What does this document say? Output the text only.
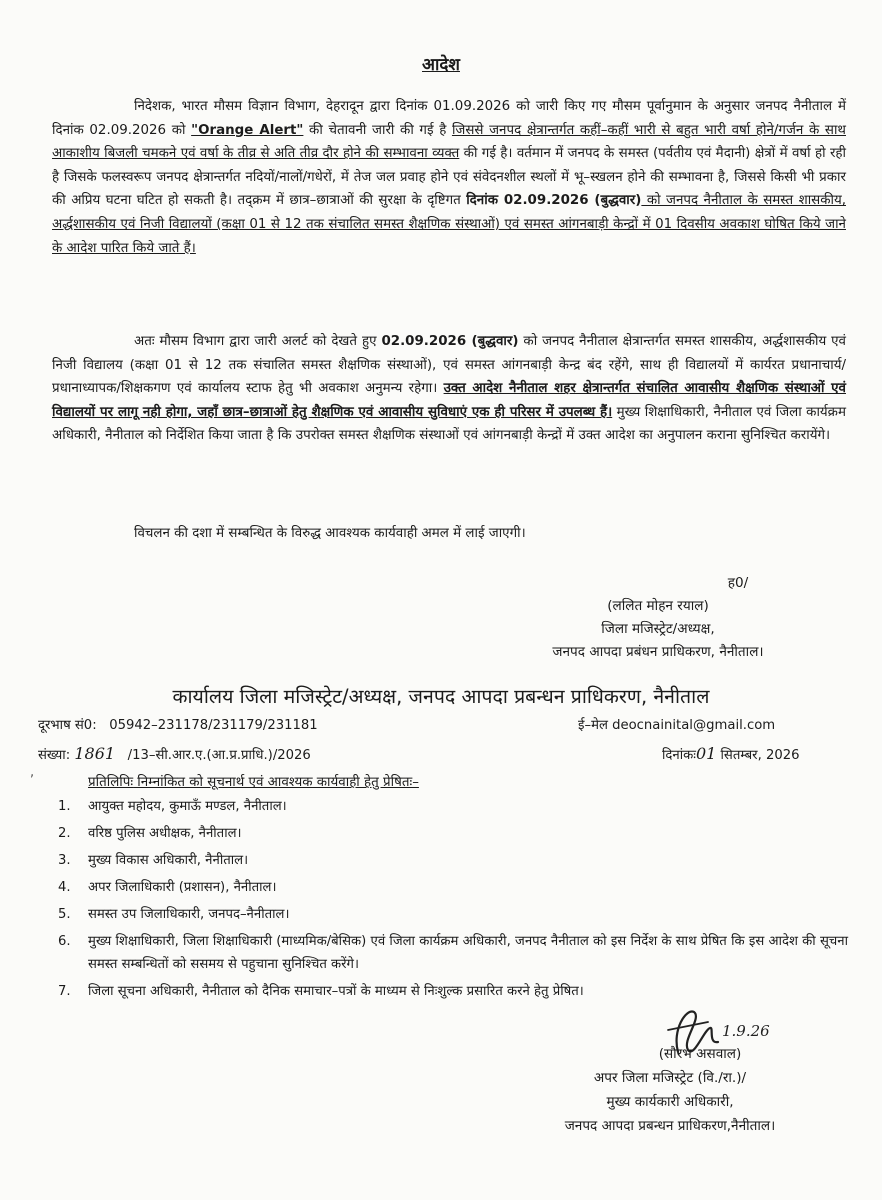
आदेश
निदेशक, भारत मौसम विज्ञान विभाग, देहरादून द्वारा दिनांक 01.09.2026 को जारी किए गए मौसम पूर्वानुमान के अनुसार जनपद नैनीताल में दिनांक 02.09.2026 को "Orange Alert" की चेतावनी जारी की गई है जिससे जनपद क्षेत्रान्तर्गत कहीं–कहीं भारी से बहुत भारी वर्षा होने/गर्जन के साथ आकाशीय बिजली चमकने एवं वर्षा के तीव्र से अति तीव्र दौर होने की सम्भावना व्यक्त की गई है। वर्तमान में जनपद के समस्त (पर्वतीय एवं मैदानी) क्षेत्रों में वर्षा हो रही है जिसके फलस्वरूप जनपद क्षेत्रान्तर्गत नदियों/नालों/गधेरों, में तेज जल प्रवाह होने एवं संवेदनशील स्थलों में भू–स्खलन होने की सम्भावना है, जिससे किसी भी प्रकार की अप्रिय घटना घटित हो सकती है। तद्क्रम में छात्र–छात्राओं की सुरक्षा के दृष्टिगत दिनांक 02.09.2026 (बुद्धवार) को जनपद नैनीताल के समस्त शासकीय, अर्द्धशासकीय एवं निजी विद्यालयों (कक्षा 01 से 12 तक संचालित समस्त शैक्षणिक संस्थाओं) एवं समस्त आंगनबाड़ी केन्द्रों में 01 दिवसीय अवकाश घोषित किये जाने के आदेश पारित किये जाते हैं।
अतः मौसम विभाग द्वारा जारी अलर्ट को देखते हुए 02.09.2026 (बुद्धवार) को जनपद नैनीताल क्षेत्रान्तर्गत समस्त शासकीय, अर्द्धशासकीय एवं निजी विद्यालय (कक्षा 01 से 12 तक संचालित समस्त शैक्षणिक संस्थाओं), एवं समस्त आंगनबाड़ी केन्द्र बंद रहेंगे, साथ ही विद्यालयों में कार्यरत प्रधानाचार्य/प्रधानाध्यापक/शिक्षकगण एवं कार्यालय स्टाफ हेतु भी अवकाश अनुमन्य रहेगा। उक्त आदेश नैनीताल शहर क्षेत्रान्तर्गत संचालित आवासीय शैक्षणिक संस्थाओं एवं विद्यालयों पर लागू नही होगा, जहाँ छात्र–छात्राओं हेतु शैक्षणिक एवं आवासीय सुविधाएं एक ही परिसर में उपलब्ध हैं। मुख्य शिक्षाधिकारी, नैनीताल एवं जिला कार्यक्रम अधिकारी, नैनीताल को निर्देशित किया जाता है कि उपरोक्त समस्त शैक्षणिक संस्थाओं एवं आंगनबाड़ी केन्द्रों में उक्त आदेश का अनुपालन कराना सुनिश्चित करायेंगे।
विचलन की दशा में सम्बन्धित के विरुद्ध आवश्यक कार्यवाही अमल में लाई जाएगी।
ह0/
(ललित मोहन रयाल)
जिला मजिस्ट्रेट/अध्यक्ष,
जनपद आपदा प्रबंधन प्राधिकरण, नैनीताल।
कार्यालय जिला मजिस्ट्रेट/अध्यक्ष, जनपद आपदा प्रबन्धन प्राधिकरण, नैनीताल
दूरभाष सं0: 05942–231178/231179/231181	ई–मेल deocnainital@gmail.com
संख्या: 1861 /13–सी.आर.ए.(आ.प्र.प्राधि.)/2026	दिनांकः01 सितम्बर, 2026
,
प्रतिलिपिः निम्नांकित को सूचनार्थ एवं आवश्यक कार्यवाही हेतु प्रेषितः–
1.	आयुक्त महोदय, कुमाऊँ मण्डल, नैनीताल।
2.	वरिष्ठ पुलिस अधीक्षक, नैनीताल।
3.	मुख्य विकास अधिकारी, नैनीताल।
4.	अपर जिलाधिकारी (प्रशासन), नैनीताल।
5.	समस्त उप जिलाधिकारी, जनपद–नैनीताल।
6.	मुख्य शिक्षाधिकारी, जिला शिक्षाधिकारी (माध्यमिक/बेसिक) एवं जिला कार्यक्रम अधिकारी, जनपद नैनीताल को इस निर्देश के साथ प्रेषित कि इस आदेश की सूचना समस्त सम्बन्धितों को ससमय से पहुचाना सुनिश्चित करेंगे।
7.	जिला सूचना अधिकारी, नैनीताल को दैनिक समाचार–पत्रों के माध्यम से निःशुल्क प्रसारित करने हेतु प्रेषित।
1.9.26
(सौरभ असवाल)
अपर जिला मजिस्ट्रेट (वि./रा.)/
मुख्य कार्यकारी अधिकारी,
जनपद आपदा प्रबन्धन प्राधिकरण,नैनीताल।
